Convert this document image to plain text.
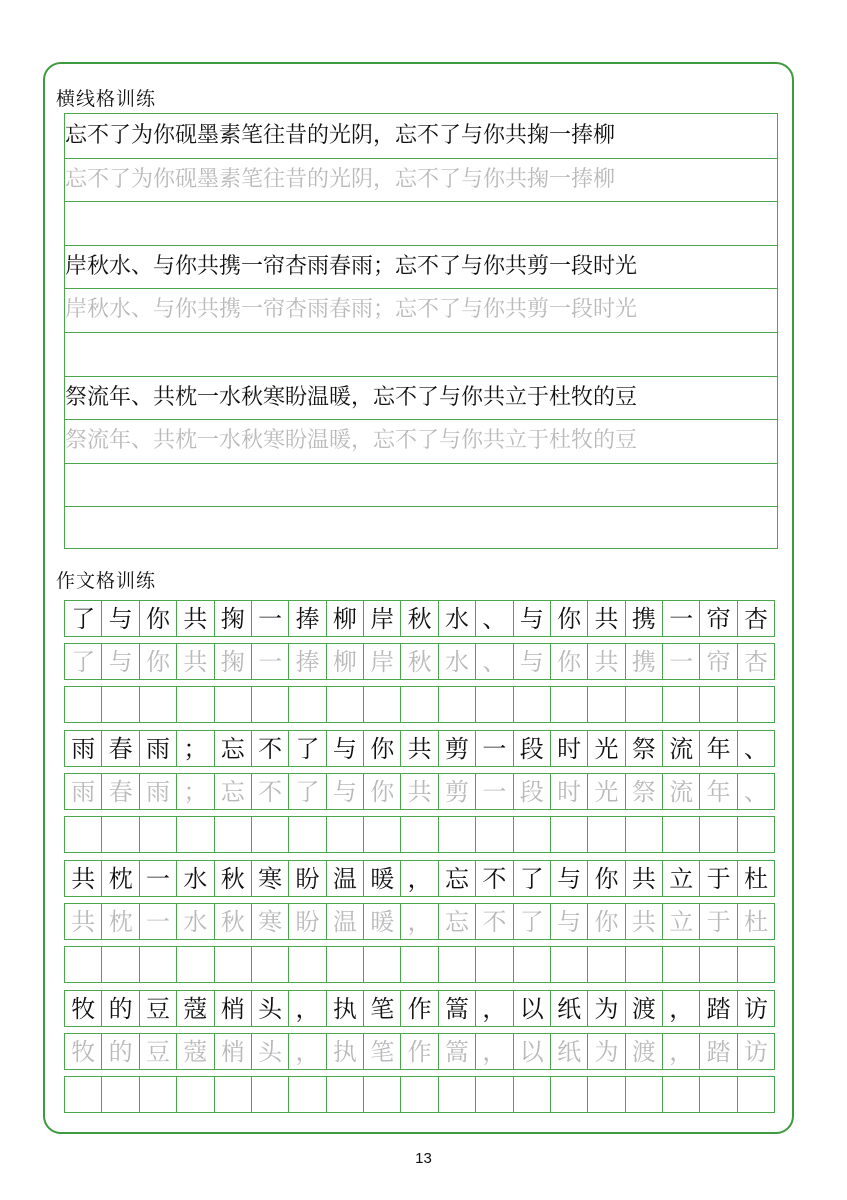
横线格训练
忘不了为你砚墨素笔往昔的光阴，忘不了与你共掬一捧柳
忘不了为你砚墨素笔往昔的光阴，忘不了与你共掬一捧柳
岸秋水、与你共携一帘杏雨春雨；忘不了与你共剪一段时光
岸秋水、与你共携一帘杏雨春雨；忘不了与你共剪一段时光
祭流年、共枕一水秋寒盼温暖，忘不了与你共立于杜牧的豆
祭流年、共枕一水秋寒盼温暖，忘不了与你共立于杜牧的豆
作文格训练
了 与 你 共 掬 一 捧 柳 岸 秋 水 、 与 你 共 携 一 帘 杏
了 与 你 共 掬 一 捧 柳 岸 秋 水 、 与 你 共 携 一 帘 杏
雨 春 雨 ； 忘 不 了 与 你 共 剪 一 段 时 光 祭 流 年 、
雨 春 雨 ； 忘 不 了 与 你 共 剪 一 段 时 光 祭 流 年 、
共 枕 一 水 秋 寒 盼 温 暖 ， 忘 不 了 与 你 共 立 于 杜
共 枕 一 水 秋 寒 盼 温 暖 ， 忘 不 了 与 你 共 立 于 杜
牧 的 豆 蔻 梢 头 ， 执 笔 作 篙 ， 以 纸 为 渡 ， 踏 访
牧 的 豆 蔻 梢 头 ， 执 笔 作 篙 ， 以 纸 为 渡 ， 踏 访
13
